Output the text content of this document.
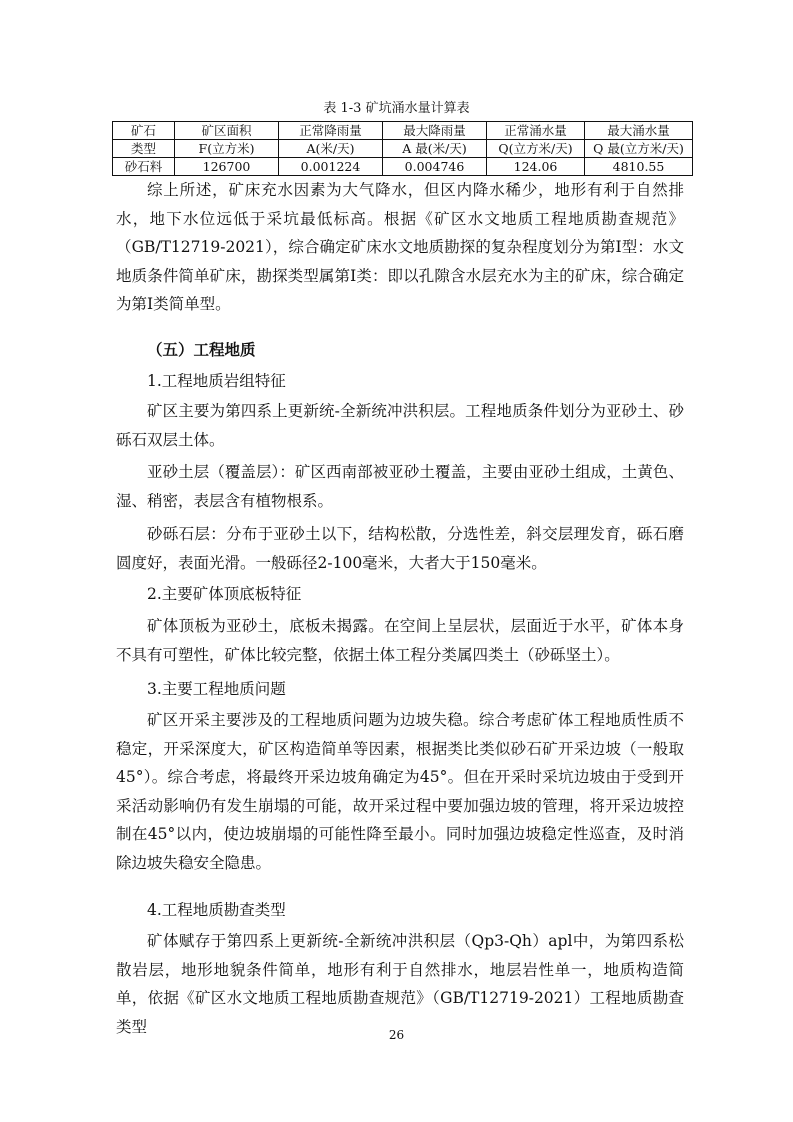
表 1-3 矿坑涌水量计算表
矿石	矿区面积	正常降雨量	最大降雨量	正常涌水量	最大涌水量
类型	F(立方米)	A(米/天)	A 最(米/天)	Q(立方米/天)	Q 最(立方米/天)
砂石料	126700	0.001224	0.004746	124.06	4810.55
综上所述，矿床充水因素为大气降水，但区内降水稀少，地形有利于自然排水，地下水位远低于采坑最低标高。根据《矿区水文地质工程地质勘查规范》（GB/T12719-2021），综合确定矿床水文地质勘探的复杂程度划分为第Ⅰ型：水文地质条件简单矿床，勘探类型属第Ⅰ类：即以孔隙含水层充水为主的矿床，综合确定为第Ⅰ类简单型。
（五）工程地质
1.工程地质岩组特征
矿区主要为第四系上更新统-全新统冲洪积层。工程地质条件划分为亚砂土、砂砾石双层土体。
亚砂土层（覆盖层）：矿区西南部被亚砂土覆盖，主要由亚砂土组成，土黄色、湿、稍密，表层含有植物根系。
砂砾石层：分布于亚砂土以下，结构松散，分选性差，斜交层理发育，砾石磨圆度好，表面光滑。一般砾径2-100毫米，大者大于150毫米。
2.主要矿体顶底板特征
矿体顶板为亚砂土，底板未揭露。在空间上呈层状，层面近于水平，矿体本身不具有可塑性，矿体比较完整，依据土体工程分类属四类土（砂砾坚土）。
3.主要工程地质问题
矿区开采主要涉及的工程地质问题为边坡失稳。综合考虑矿体工程地质性质不稳定，开采深度大，矿区构造简单等因素，根据类比类似砂石矿开采边坡（一般取45°）。综合考虑，将最终开采边坡角确定为45°。但在开采时采坑边坡由于受到开采活动影响仍有发生崩塌的可能，故开采过程中要加强边坡的管理，将开采边坡控制在45°以内，使边坡崩塌的可能性降至最小。同时加强边坡稳定性巡查，及时消除边坡失稳安全隐患。
4.工程地质勘查类型
矿体赋存于第四系上更新统-全新统冲洪积层（Qp3-Qh）apl中，为第四系松散岩层，地形地貌条件简单，地形有利于自然排水，地层岩性单一，地质构造简单，依据《矿区水文地质工程地质勘查规范》（GB/T12719-2021）工程地质勘查类型	26
